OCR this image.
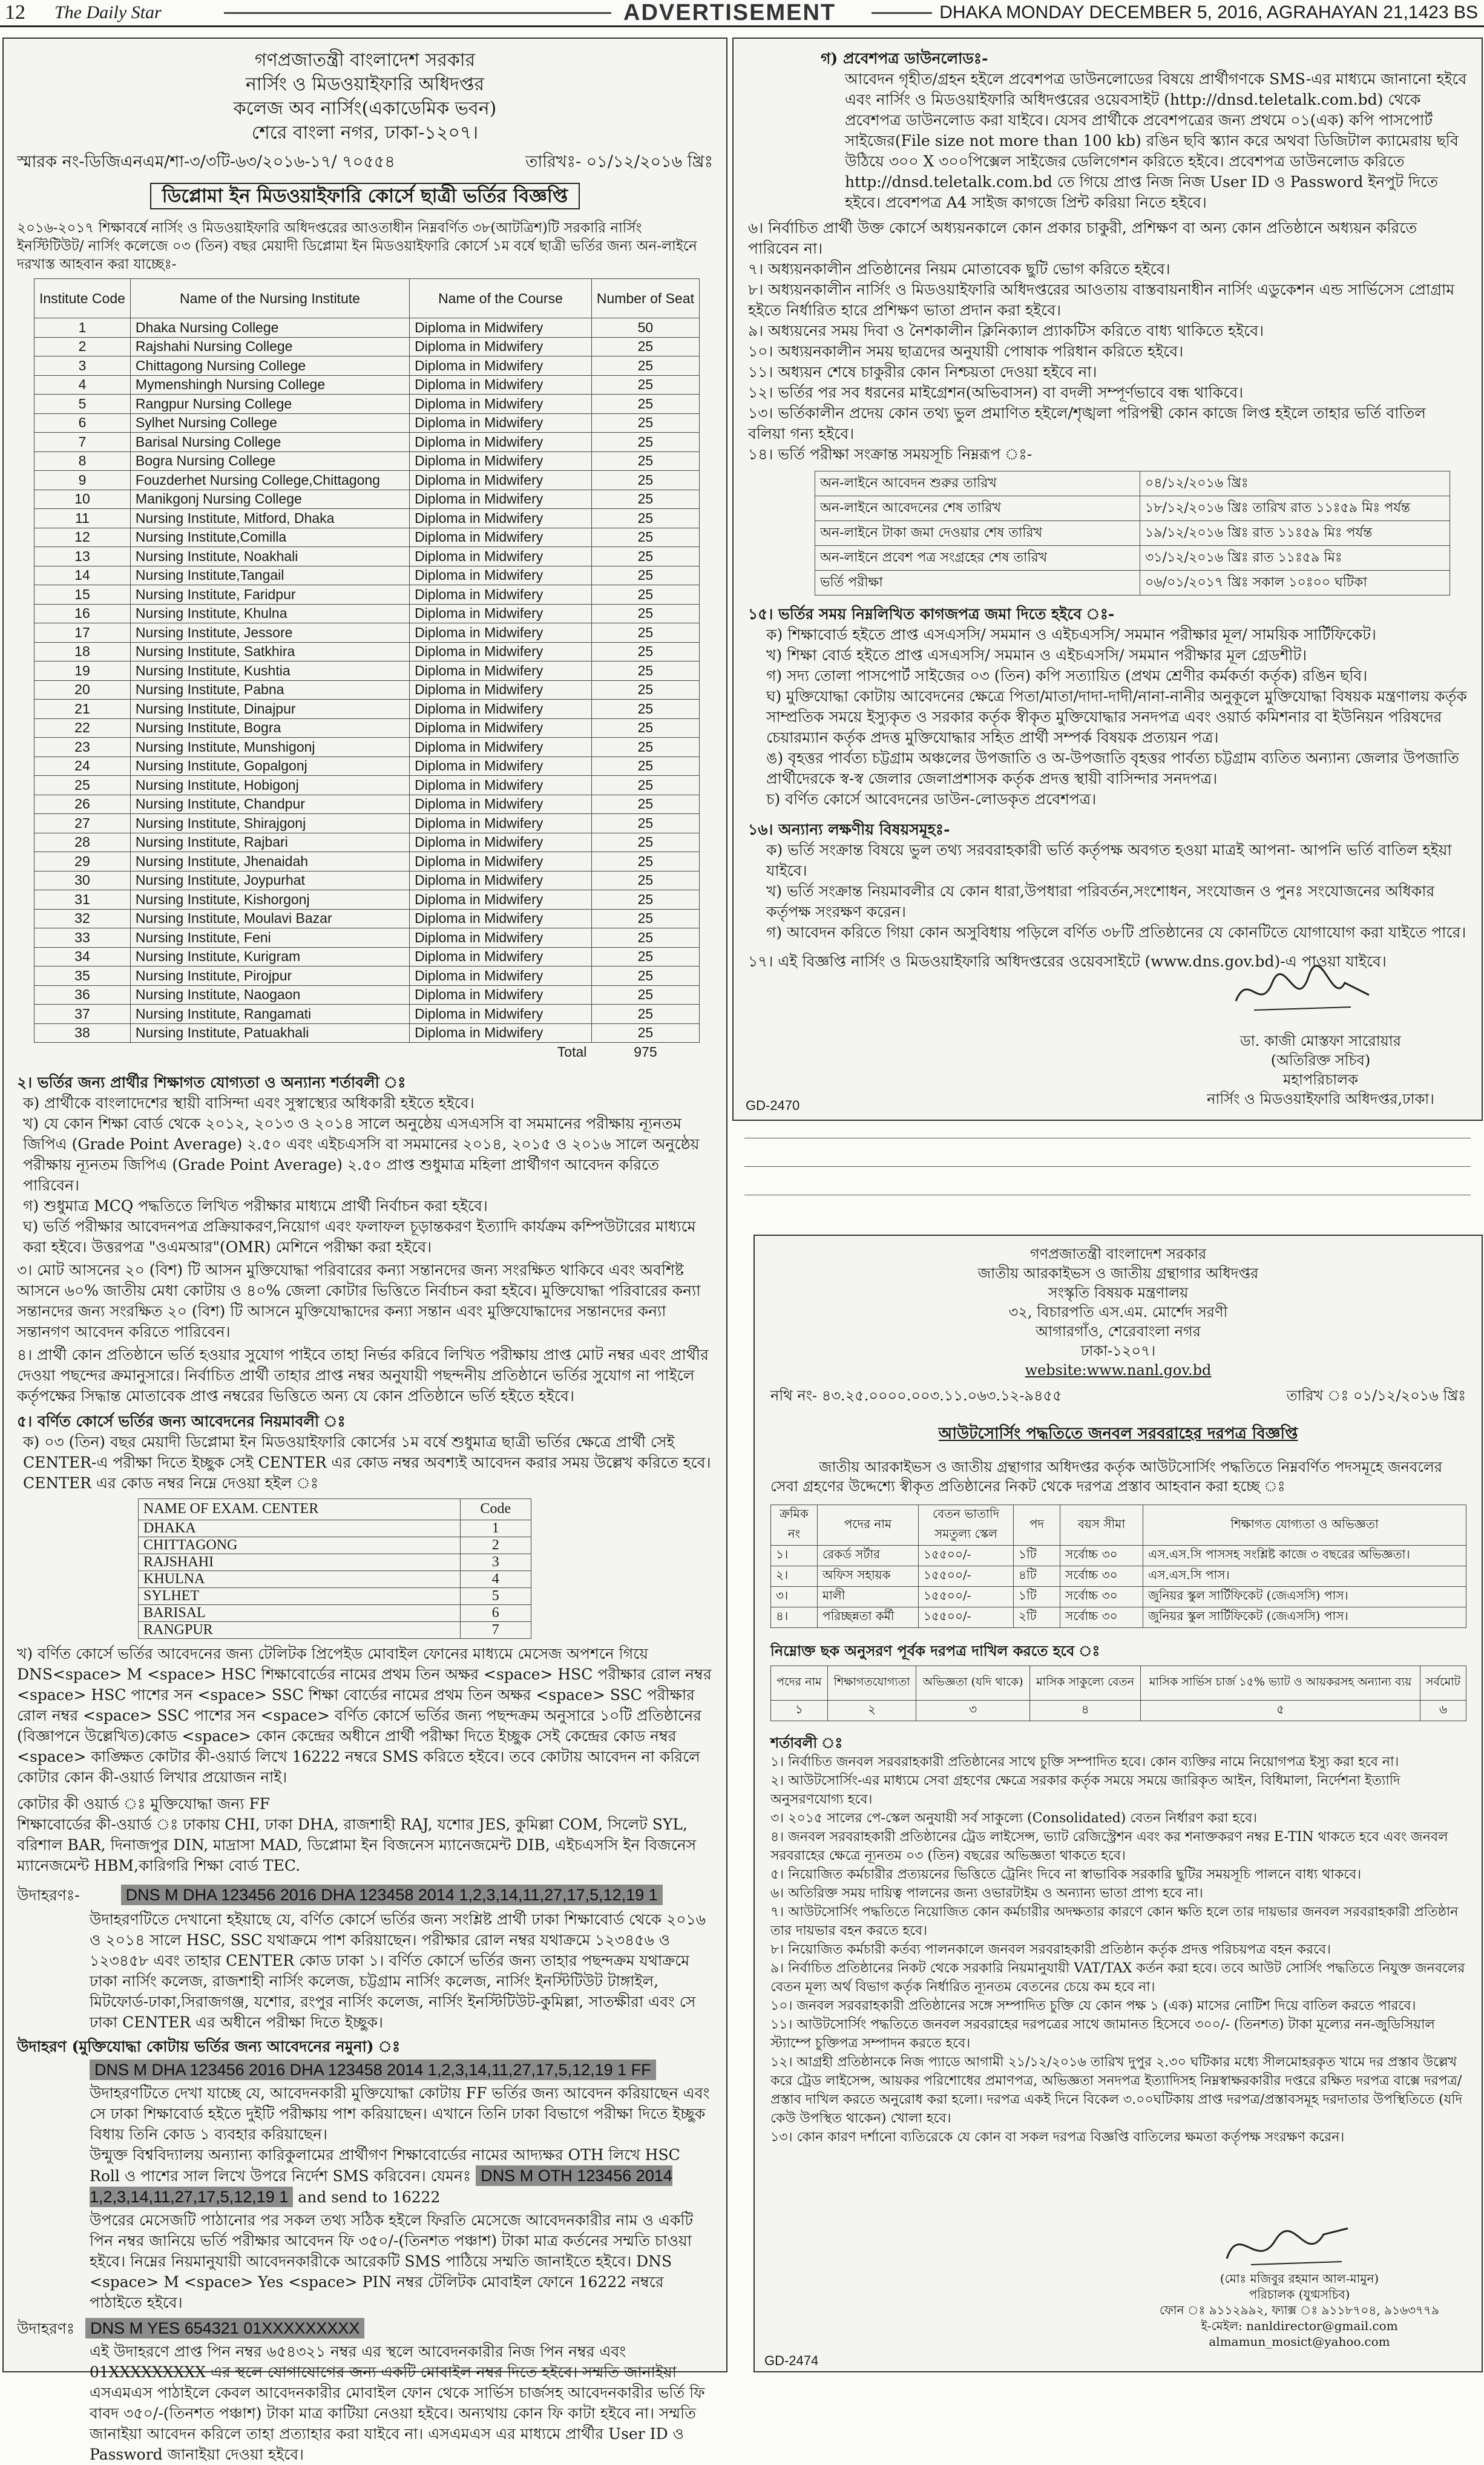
12 The Daily Star	ADVERTISEMENT	DHAKA MONDAY DECEMBER 5, 2016, AGRAHAYAN 21,1423 BS
গণপ্রজাতন্ত্রী বাংলাদেশ সরকার
নার্সিং ও মিডওয়াইফারি অধিদপ্তর
কলেজ অব নার্সিং(একাডেমিক ভবন)
শেরে বাংলা নগর, ঢাকা-১২০৭।
স্মারক নং-ডিজিএনএম/শা-৩/৩টি-৬৩/২০১৬-১৭/ ৭০৫৫৪	তারিখঃ- ০১/১২/২০১৬ খ্রিঃ
ডিপ্লোমা ইন মিডওয়াইফারি কোর্সে ছাত্রী ভর্তির বিজ্ঞপ্তি
২০১৬-২০১৭ শিক্ষাবর্ষে নার্সিং ও মিডওয়াইফারি অধিদপ্তরের আওতাধীন নিম্নবর্ণিত ৩৮(আটত্রিশ)টি সরকারি নার্সিং ইনস্টিটিউট/ নার্সিং কলেজে ০৩ (তিন) বছর মেয়াদী ডিপ্লোমা ইন মিডওয়াইফারি কোর্সে ১ম বর্ষে ছাত্রী ভর্তির জন্য অন-লাইনে দরখাস্ত আহবান করা যাচ্ছেঃ-
Institute Code	Name of the Nursing Institute	Name of the Course	Number of Seat
1	Dhaka Nursing College	Diploma in Midwifery	50
2	Rajshahi Nursing College	Diploma in Midwifery	25
3	Chittagong Nursing College	Diploma in Midwifery	25
4	Mymenshingh Nursing College	Diploma in Midwifery	25
5	Rangpur Nursing College	Diploma in Midwifery	25
6	Sylhet Nursing College	Diploma in Midwifery	25
7	Barisal Nursing College	Diploma in Midwifery	25
8	Bogra Nursing College	Diploma in Midwifery	25
9	Fouzderhet Nursing College,Chittagong	Diploma in Midwifery	25
10	Manikgonj Nursing College	Diploma in Midwifery	25
11	Nursing Institute, Mitford, Dhaka	Diploma in Midwifery	25
12	Nursing Institute,Comilla	Diploma in Midwifery	25
13	Nursing Institute, Noakhali	Diploma in Midwifery	25
14	Nursing Institute,Tangail	Diploma in Midwifery	25
15	Nursing Institute, Faridpur	Diploma in Midwifery	25
16	Nursing Institute, Khulna	Diploma in Midwifery	25
17	Nursing Institute, Jessore	Diploma in Midwifery	25
18	Nursing Institute, Satkhira	Diploma in Midwifery	25
19	Nursing Institute, Kushtia	Diploma in Midwifery	25
20	Nursing Institute, Pabna	Diploma in Midwifery	25
21	Nursing Institute, Dinajpur	Diploma in Midwifery	25
22	Nursing Institute, Bogra	Diploma in Midwifery	25
23	Nursing Institute, Munshigonj	Diploma in Midwifery	25
24	Nursing Institute, Gopalgonj	Diploma in Midwifery	25
25	Nursing Institute, Hobigonj	Diploma in Midwifery	25
26	Nursing Institute, Chandpur	Diploma in Midwifery	25
27	Nursing Institute, Shirajgonj	Diploma in Midwifery	25
28	Nursing Institute, Rajbari	Diploma in Midwifery	25
29	Nursing Institute, Jhenaidah	Diploma in Midwifery	25
30	Nursing Institute, Joypurhat	Diploma in Midwifery	25
31	Nursing Institute, Kishorgonj	Diploma in Midwifery	25
32	Nursing Institute, Moulavi Bazar	Diploma in Midwifery	25
33	Nursing Institute, Feni	Diploma in Midwifery	25
34	Nursing Institute, Kurigram	Diploma in Midwifery	25
35	Nursing Institute, Pirojpur	Diploma in Midwifery	25
36	Nursing Institute, Naogaon	Diploma in Midwifery	25
37	Nursing Institute, Rangamati	Diploma in Midwifery	25
38	Nursing Institute, Patuakhali	Diploma in Midwifery	25
		Total	975
২। ভর্তির জন্য প্রার্থীর শিক্ষাগত যোগ্যতা ও অন্যান্য শর্তাবলী ঃ
ক) প্রার্থীকে বাংলাদেশের স্থায়ী বাসিন্দা এবং সুস্বাস্থ্যের অধিকারী হইতে হইবে।
খ) যে কোন শিক্ষা বোর্ড থেকে ২০১২, ২০১৩ ও ২০১৪ সালে অনুষ্ঠেয় এসএসসি বা সমমানের পরীক্ষায় ন্যূনতম জিপিএ (Grade Point Average) ২.৫০ এবং এইচএসসি বা সমমানের ২০১৪, ২০১৫ ও ২০১৬ সালে অনুষ্ঠেয় পরীক্ষায় ন্যূনতম জিপিএ (Grade Point Average) ২.৫০ প্রাপ্ত শুধুমাত্র মহিলা প্রার্থীগণ আবেদন করিতে পারিবেন।
গ) শুধুমাত্র MCQ পদ্ধতিতে লিখিত পরীক্ষার মাধ্যমে প্রার্থী নির্বাচন করা হইবে।
ঘ) ভর্তি পরীক্ষার আবেদনপত্র প্রক্রিয়াকরণ,নিয়োগ এবং ফলাফল চূড়ান্তকরণ ইত্যাদি কার্যক্রম কম্পিউটারের মাধ্যমে করা হইবে। উত্তরপত্র "ওএমআর"(OMR) মেশিনে পরীক্ষা করা হইবে।
৩। মোট আসনের ২০ (বিশ) টি আসন মুক্তিযোদ্ধা পরিবারের কন্যা সন্তানদের জন্য সংরক্ষিত থাকিবে এবং অবশিষ্ট আসনে ৬০% জাতীয় মেধা কোটায় ও ৪০% জেলা কোটার ভিত্তিতে নির্বাচন করা হইবে। মুক্তিযোদ্ধা পরিবারের কন্যা সন্তানদের জন্য সংরক্ষিত ২০ (বিশ) টি আসনে মুক্তিযোদ্ধাদের কন্যা সন্তান এবং মুক্তিযোদ্ধাদের সন্তানদের কন্যা সন্তানগণ আবেদন করিতে পারিবেন।
৪। প্রার্থী কোন প্রতিষ্ঠানে ভর্তি হওয়ার সুযোগ পাইবে তাহা নির্ভর করিবে লিখিত পরীক্ষায় প্রাপ্ত মোট নম্বর এবং প্রার্থীর দেওয়া পছন্দের ক্রমানুসারে। নির্বাচিত প্রার্থী তাহার প্রাপ্ত নম্বর অনুযায়ী পছন্দনীয় প্রতিষ্ঠানে ভর্তির সুযোগ না পাইলে কর্তৃপক্ষের সিদ্ধান্ত মোতাবেক প্রাপ্ত নম্বরের ভিত্তিতে অন্য যে কোন প্রতিষ্ঠানে ভর্তি হইতে হইবে।
৫। বর্ণিত কোর্সে ভর্তির জন্য আবেদনের নিয়মাবলী ঃ
ক) ০৩ (তিন) বছর মেয়াদী ডিপ্লোমা ইন মিডওয়াইফারি কোর্সের ১ম বর্ষে শুধুমাত্র ছাত্রী ভর্তির ক্ষেত্রে প্রার্থী সেই CENTER-এ পরীক্ষা দিতে ইচ্ছুক সেই CENTER এর কোড নম্বর অবশ্যই আবেদন করার সময় উল্লেখ করিতে হবে। CENTER এর কোড নম্বর নিম্নে দেওয়া হইল ঃ
NAME OF EXAM. CENTER	Code
DHAKA	1
CHITTAGONG	2
RAJSHAHI	3
KHULNA	4
SYLHET	5
BARISAL	6
RANGPUR	7
খ) বর্ণিত কোর্সে ভর্তির আবেদনের জন্য টেলিটক প্রিপেইড মোবাইল ফোনের মাধ্যমে মেসেজ অপশনে গিয়ে DNS<space> M <space> HSC শিক্ষাবোর্ডের নামের প্রথম তিন অক্ষর <space> HSC পরীক্ষার রোল নম্বর <space> HSC পাশের সন <space> SSC শিক্ষা বোর্ডের নামের প্রথম তিন অক্ষর <space> SSC পরীক্ষার রোল নম্বর <space> SSC পাশের সন <space> বর্ণিত কোর্সে ভর্তির জন্য পছন্দক্রম অনুসারে ১০টি প্রতিষ্ঠানের (বিজ্ঞাপনে উল্লেখিত)কোড <space> কোন কেন্দ্রের অধীনে প্রার্থী পরীক্ষা দিতে ইচ্ছুক সেই কেন্দ্রের কোড নম্বর <space> কাঙ্ক্ষিত কোটার কী-ওয়ার্ড লিখে 16222 নম্বরে SMS করিতে হইবে। তবে কোটায় আবেদন না করিলে কোটার কোন কী-ওয়ার্ড লিখার প্রয়োজন নাই।
কোটার কী ওয়ার্ড ঃ মুক্তিযোদ্ধা জন্য FF
শিক্ষাবোর্ডের কী-ওয়ার্ড ঃ ঢাকায় CHI, ঢাকা DHA, রাজশাহী RAJ, যশোর JES, কুমিল্লা COM, সিলেট SYL, বরিশাল BAR, দিনাজপুর DIN, মাদ্রাসা MAD, ডিপ্লোমা ইন বিজনেস ম্যানেজমেন্ট DIB, এইচএসসি ইন বিজনেস ম্যানেজমেন্ট HBM,কারিগরি শিক্ষা বোর্ড TEC.
উদাহরণঃ-	DNS M DHA 123456 2016 DHA 123458 2014 1,2,3,14,11,27,17,5,12,19 1
উদাহরণটিতে দেখানো হইয়াছে যে, বর্ণিত কোর্সে ভর্তির জন্য সংশ্লিষ্ট প্রার্থী ঢাকা শিক্ষাবোর্ড থেকে ২০১৬ ও ২০১৪ সালে HSC, SSC যথাক্রমে পাশ করিয়াছেন। পরীক্ষার রোল নম্বর যথাক্রমে ১২৩৪৫৬ ও ১২৩৪৫৮ এবং তাহার CENTER কোড ঢাকা ১। বর্ণিত কোর্সে ভর্তির জন্য তাহার পছন্দক্রম যথাক্রমে ঢাকা নার্সিং কলেজ, রাজশাহী নার্সিং কলেজ, চট্টগ্রাম নার্সিং কলেজ, নার্সিং ইনস্টিটিউট টাঙ্গাইল, মিটফোর্ড-ঢাকা,সিরাজগঞ্জ, যশোর, রংপুর নার্সিং কলেজ, নার্সিং ইনস্টিটিউট-কুমিল্লা, সাতক্ষীরা এবং সে ঢাকা CENTER এর অধীনে পরীক্ষা দিতে ইচ্ছুক।
উদাহরণ (মুক্তিযোদ্ধা কোটায় ভর্তির জন্য আবেদনের নমুনা) ঃ
DNS M DHA 123456 2016 DHA 123458 2014 1,2,3,14,11,27,17,5,12,19 1 FF
উদাহরণটিতে দেখা যাচ্ছে যে, আবেদনকারী মুক্তিযোদ্ধা কোটায় FF ভর্তির জন্য আবেদন করিয়াছেন এবং সে ঢাকা শিক্ষাবোর্ড হইতে দুইটি পরীক্ষায় পাশ করিয়াছেন। এখানে তিনি ঢাকা বিভাগে পরীক্ষা দিতে ইচ্ছুক বিধায় তিনি কোড ১ ব্যবহার করিয়াছেন।
উন্মুক্ত বিশ্ববিদ্যালয় অন্যান্য কারিকুলামের প্রার্থীগণ শিক্ষাবোর্ডের নামের আদ্যক্ষর OTH লিখে HSC Roll ও পাশের সাল লিখে উপরে নির্দেশ SMS করিবেন। যেমনঃ DNS M OTH 123456 2014 1,2,3,14,11,27,17,5,12,19 1 and send to 16222
উপরের মেসেজটি পাঠানোর পর সকল তথ্য সঠিক হইলে ফিরতি মেসেজে আবেদনকারীর নাম ও একটি পিন নম্বর জানিয়ে ভর্তি পরীক্ষার আবেদন ফি ৩৫০/-(তিনশত পঞ্চাশ) টাকা মাত্র কর্তনের সম্মতি চাওয়া হইবে। নিম্নের নিয়মানুযায়ী আবেদনকারীকে আরেকটি SMS পাঠিয়ে সম্মতি জানাইতে হইবে। DNS <space> M <space> Yes <space> PIN নম্বর টেলিটক মোবাইল ফোনে 16222 নম্বরে পাঠাইতে হইবে।
উদাহরণঃ DNS M YES 654321 01XXXXXXXXX
এই উদাহরণে প্রাপ্ত পিন নম্বর ৬৫৪৩২১ নম্বর এর স্থলে আবেদনকারীর নিজ পিন নম্বর এবং 01XXXXXXXXX এর স্থলে যোগাযোগের জন্য একটি মোবাইল নম্বর দিতে হইবে। সম্মতি জানাইয়া এসএমএস পাঠাইলে কেবল আবেদনকারীর মোবাইল ফোন থেকে সার্ভিস চার্জসহ আবেদনকারীর ভর্তি ফি বাবদ ৩৫০/-(তিনশত পঞ্চাশ) টাকা মাত্র কাটিয়া নেওয়া হইবে। অন্যথায় কোন ফি কাটা হইবে না। সম্মতি জানাইয়া আবেদন করিলে তাহা প্রত্যাহার করা যাইবে না। এসএমএস এর মাধ্যমে প্রার্থীর User ID ও Password জানাইয়া দেওয়া হইবে।
গ) প্রবেশপত্র ডাউনলোডঃ-
আবেদন গৃহীত/গ্রহন হইলে প্রবেশপত্র ডাউনলোডের বিষয়ে প্রার্থীগণকে SMS-এর মাধ্যমে জানানো হইবে এবং নার্সিং ও মিডওয়াইফারি অধিদপ্তরের ওয়েবসাইট (http://dnsd.teletalk.com.bd) থেকে প্রবেশপত্র ডাউনলোড করা যাইবে। যেসব প্রার্থীকে প্রবেশপত্রের জন্য প্রথমে ০১(এক) কপি পাসপোর্ট সাইজের(File size not more than 100 kb) রঙিন ছবি স্ক্যান করে অথবা ডিজিটাল ক্যামেরায় ছবি উঠিয়ে ৩০০ X ৩০০পিক্সেল সাইজের ডেলিগেশন করিতে হইবে। প্রবেশপত্র ডাউনলোড করিতে http://dnsd.teletalk.com.bd তে গিয়ে প্রাপ্ত নিজ নিজ User ID ও Password ইনপুট দিতে হইবে। প্রবেশপত্র A4 সাইজ কাগজে প্রিন্ট করিয়া নিতে হইবে।
৬। নির্বাচিত প্রার্থী উক্ত কোর্সে অধ্যয়নকালে কোন প্রকার চাকুরী, প্রশিক্ষণ বা অন্য কোন প্রতিষ্ঠানে অধ্যয়ন করিতে পারিবেন না।
৭। অধ্যয়নকালীন প্রতিষ্ঠানের নিয়ম মোতাবেক ছুটি ভোগ করিতে হইবে।
৮। অধ্যয়নকালীন নার্সিং ও মিডওয়াইফারি অধিদপ্তরের আওতায় বাস্তবায়নাধীন নার্সিং এডুকেশন এন্ড সার্ভিসেস প্রোগ্রাম হইতে নির্ধারিত হারে প্রশিক্ষণ ভাতা প্রদান করা হইবে।
৯। অধ্যয়নের সময় দিবা ও নৈশকালীন ক্লিনিক্যাল প্র্যাকটিস করিতে বাধ্য থাকিতে হইবে।
১০। অধ্যয়নকালীন সময় ছাত্রদের অনুযায়ী পোষাক পরিধান করিতে হইবে।
১১। অধ্যয়ন শেষে চাকুরীর কোন নিশ্চয়তা দেওয়া হইবে না।
১২। ভর্তির পর সব ধরনের মাইগ্রেশন(অভিবাসন) বা বদলী সম্পূর্ণভাবে বন্ধ থাকিবে।
১৩। ভর্তিকালীন প্রদেয় কোন তথ্য ভুল প্রমাণিত হইলে/শৃঙ্খলা পরিপন্থী কোন কাজে লিপ্ত হইলে তাহার ভর্তি বাতিল বলিয়া গন্য হইবে।
১৪। ভর্তি পরীক্ষা সংক্রান্ত সময়সূচি নিম্নরূপ ঃ-
অন-লাইনে আবেদন শুরুর তারিখ	০৪/১২/২০১৬ খ্রিঃ
অন-লাইনে আবেদনের শেষ তারিখ	১৮/১২/২০১৬ খ্রিঃ তারিখ রাত ১১ঃ৫৯ মিঃ পর্যন্ত
অন-লাইনে টাকা জমা দেওয়ার শেষ তারিখ	১৯/১২/২০১৬ খ্রিঃ রাত ১১ঃ৫৯ মিঃ পর্যন্ত
অন-লাইনে প্রবেশ পত্র সংগ্রহের শেষ তারিখ	৩১/১২/২০১৬ খ্রিঃ রাত ১১ঃ৫৯ মিঃ
ভর্তি পরীক্ষা	০৬/০১/২০১৭ খ্রিঃ সকাল ১০ঃ০০ ঘটিকা
১৫। ভর্তির সময় নিম্নলিখিত কাগজপত্র জমা দিতে হইবে ঃ-
ক) শিক্ষাবোর্ড হইতে প্রাপ্ত এসএসসি/ সমমান ও এইচএসসি/ সমমান পরীক্ষার মূল/ সাময়িক সার্টিফিকেট।
খ) শিক্ষা বোর্ড হইতে প্রাপ্ত এসএসসি/ সমমান ও এইচএসসি/ সমমান পরীক্ষার মূল গ্রেডশীট।
গ) সদ্য তোলা পাসপোর্ট সাইজের ০৩ (তিন) কপি সত্যায়িত (প্রথম শ্রেণীর কর্মকর্তা কর্তৃক) রঙিন ছবি।
ঘ) মুক্তিযোদ্ধা কোটায় আবেদনের ক্ষেত্রে পিতা/মাতা/দাদা-দাদী/নানা-নানীর অনুকূলে মুক্তিযোদ্ধা বিষয়ক মন্ত্রণালয় কর্তৃক সাম্প্রতিক সময়ে ইস্যুকৃত ও সরকার কর্তৃক স্বীকৃত মুক্তিযোদ্ধার সনদপত্র এবং ওয়ার্ড কমিশনার বা ইউনিয়ন পরিষদের চেয়ারম্যান কর্তৃক প্রদত্ত মুক্তিযোদ্ধার সহিত প্রার্থী সম্পর্ক বিষয়ক প্রত্যয়ন পত্র।
ঙ) বৃহত্তর পার্বত্য চট্টগ্রাম অঞ্চলের উপজাতি ও অ-উপজাতি বৃহত্তর পার্বত্য চট্টগ্রাম ব্যতিত অন্যান্য জেলার উপজাতি প্রার্থীদেরকে স্ব-স্ব জেলার জেলাপ্রশাসক কর্তৃক প্রদত্ত স্থায়ী বাসিন্দার সনদপত্র।
চ) বর্ণিত কোর্সে আবেদনের ডাউন-লোডকৃত প্রবেশপত্র।
১৬। অন্যান্য লক্ষণীয় বিষয়সমূহঃ-
ক) ভর্তি সংক্রান্ত বিষয়ে ভুল তথ্য সরবরাহকারী ভর্তি কর্তৃপক্ষ অবগত হওয়া মাত্রই আপনা- আপনি ভর্তি বাতিল হইয়া যাইবে।
খ) ভর্তি সংক্রান্ত নিয়মাবলীর যে কোন ধারা,উপধারা পরিবর্তন,সংশোধন, সংযোজন ও পুনঃ সংযোজনের অধিকার কর্তৃপক্ষ সংরক্ষণ করেন।
গ) আবেদন করিতে গিয়া কোন অসুবিধায় পড়িলে বর্ণিত ৩৮টি প্রতিষ্ঠানের যে কোনটিতে যোগাযোগ করা যাইতে পারে।
১৭। এই বিজ্ঞপ্তি নার্সিং ও মিডওয়াইফারি অধিদপ্তরের ওয়েবসাইটে (www.dns.gov.bd)-এ পাওয়া যাইবে।
ডা. কাজী মোস্তফা সারোয়ার
(অতিরিক্ত সচিব)
মহাপরিচালক
নার্সিং ও মিডওয়াইফারি অধিদপ্তর,ঢাকা।
GD-2470
গণপ্রজাতন্ত্রী বাংলাদেশ সরকার
জাতীয় আরকাইভস ও জাতীয় গ্রন্থাগার অধিদপ্তর
সংস্কৃতি বিষয়ক মন্ত্রণালয়
৩২, বিচারপতি এস.এম. মোর্শেদ সরণী
আগারগাঁও, শেরেবাংলা নগর
ঢাকা-১২০৭।
website:www.nanl.gov.bd
নথি নং- ৪৩.২৫.০০০০.০০৩.১১.০৬৩.১২-৯৪৫৫	তারিখ ঃ ০১/১২/২০১৬ খ্রিঃ
আউটসোর্সিং পদ্ধতিতে জনবল সরবরাহের দরপত্র বিজ্ঞপ্তি
জাতীয় আরকাইভস ও জাতীয় গ্রন্থাগার অধিদপ্তর কর্তৃক আউটসোর্সিং পদ্ধতিতে নিম্নবর্ণিত পদসমূহে জনবলের সেবা গ্রহণের উদ্দেশ্যে স্বীকৃত প্রতিষ্ঠানের নিকট থেকে দরপত্র প্রস্তাব আহবান করা হচ্ছে ঃ
ক্রমিক নং	পদের নাম	বেতন ভাতাদি সমতুল্য স্কেল	পদ	বয়স সীমা	শিক্ষাগত যোগ্যতা ও অভিজ্ঞতা
১।	রেকর্ড সর্টার	১৫৫০০/-	১টি	সর্বোচ্চ ৩০	এস.এস.সি পাসসহ সংশ্লিষ্ট কাজে ৩ বছরের অভিজ্ঞতা।
২।	অফিস সহায়ক	১৫৫০০/-	৪টি	সর্বোচ্চ ৩০	এস.এস.সি পাস।
৩।	মালী	১৫৫০০/-	১টি	সর্বোচ্চ ৩০	জুনিয়র স্কুল সার্টিফিকেট (জেএসসি) পাস।
৪।	পরিচ্ছন্নতা কর্মী	১৫৫০০/-	২টি	সর্বোচ্চ ৩০	জুনিয়র স্কুল সার্টিফিকেট (জেএসসি) পাস।
নিম্নোক্ত ছক অনুসরণ পূর্বক দরপত্র দাখিল করতে হবে ঃ
পদের নাম	শিক্ষাগতযোগ্যতা	অভিজ্ঞতা (যদি থাকে)	মাসিক সাকুল্যে বেতন	মাসিক সার্ভিস চার্জ ১৫% ভ্যাট ও আয়করসহ অন্যান্য ব্যয়	সর্বমোট
১	২	৩	৪	৫	৬
শর্তাবলী ঃ
১। নির্বাচিত জনবল সরবরাহকারী প্রতিষ্ঠানের সাথে চুক্তি সম্পাদিত হবে। কোন ব্যক্তির নামে নিয়োগপত্র ইস্যু করা হবে না।
২। আউটসোর্সিং-এর মাধ্যমে সেবা গ্রহণের ক্ষেত্রে সরকার কর্তৃক সময়ে সময়ে জারিকৃত আইন, বিধিমালা, নির্দেশনা ইত্যাদি অনুসরণযোগ্য হবে।
৩। ২০১৫ সালের পে-স্কেল অনুযায়ী সর্ব সাকুল্যে (Consolidated) বেতন নির্ধারণ করা হবে।
৪। জনবল সরবরাহকারী প্রতিষ্ঠানের ট্রেড লাইসেন্স, ভ্যাট রেজিস্ট্রেশন এবং কর শনাক্তকরণ নম্বর E-TIN থাকতে হবে এবং জনবল সরবরাহের ক্ষেত্রে ন্যূনতম ০৩ (তিন) বছরের অভিজ্ঞতা থাকতে হবে।
৫। নিয়োজিত কর্মচারীর প্রত্যয়নের ভিত্তিতে ট্রেনিং দিবে না স্বাভাবিক সরকারি ছুটির সময়সূচি পালনে বাধ্য থাকবে।
৬। অতিরিক্ত সময় দায়িত্ব পালনের জন্য ওভারটাইম ও অন্যান্য ভাতা প্রাপ্য হবে না।
৭। আউটসোর্সিং পদ্ধতিতে নিয়োজিত কোন কর্মচারীর অদক্ষতার কারণে কোন ক্ষতি হলে তার দায়ভার জনবল সরবরাহকারী প্রতিষ্ঠান তার দায়ভার বহন করতে হবে।
৮। নিয়োজিত কর্মচারী কর্তব্য পালনকালে জনবল সরবরাহকারী প্রতিষ্ঠান কর্তৃক প্রদত্ত পরিচয়পত্র বহন করবে।
৯। নির্বাচিত প্রতিষ্ঠানের নিকট থেকে সরকারি নিয়মানুযায়ী VAT/TAX কর্তন করা হবে। তবে আউট সোর্সিং পদ্ধতিতে নিযুক্ত জনবলের বেতন মূল্য অর্থ বিভাগ কর্তৃক নির্ধারিত ন্যূনতম বেতনের চেয়ে কম হবে না।
১০। জনবল সরবরাহকারী প্রতিষ্ঠানের সঙ্গে সম্পাদিত চুক্তি যে কোন পক্ষ ১ (এক) মাসের নোটিশ দিয়ে বাতিল করতে পারবে।
১১। আউটসোর্সিং পদ্ধতিতে জনবল সরবরাহের দরপত্রের সাথে জামানত হিসেবে ৩০০/- (তিনশত) টাকা মূল্যের নন-জুডিসিয়াল স্ট্যাম্পে চুক্তিপত্র সম্পাদন করতে হবে।
১২। আগ্রহী প্রতিষ্ঠানকে নিজ প্যাডে আগামী ২১/১২/২০১৬ তারিখ দুপুর ২.৩০ ঘটিকার মধ্যে সীলমোহরকৃত খামে দর প্রস্তাব উল্লেখ করে ট্রেড লাইসেন্স, আয়কর পরিশোধের প্রমাণপত্র, অভিজ্ঞতা সনদপত্র ইত্যাদিসহ নিম্নস্বাক্ষরকারীর দপ্তরে রক্ষিত দরপত্র বাক্সে দরপত্র/প্রস্তাব দাখিল করতে অনুরোধ করা হলো। দরপত্র একই দিনে বিকেল ৩.০০ঘটিকায় প্রাপ্ত দরপত্র/প্রস্তাবসমূহ দরদাতার উপস্থিতিতে (যদি কেউ উপস্থিত থাকেন) খোলা হবে।
১৩। কোন কারণ দর্শানো ব্যতিরেকে যে কোন বা সকল দরপত্র বিজ্ঞপ্তি বাতিলের ক্ষমতা কর্তৃপক্ষ সংরক্ষণ করেন।
(মোঃ মজিবুর রহমান আল-মামুন)
পরিচালক (যুগ্মসচিব)
ফোন ঃ ৯১১২৯৯২, ফ্যাক্স ঃ ৯১১৮৭০৪, ৯১৬৩৭৭৯
ই-মেইল: nanldirector@gmail.com
almamun_mosict@yahoo.com
GD-2474
